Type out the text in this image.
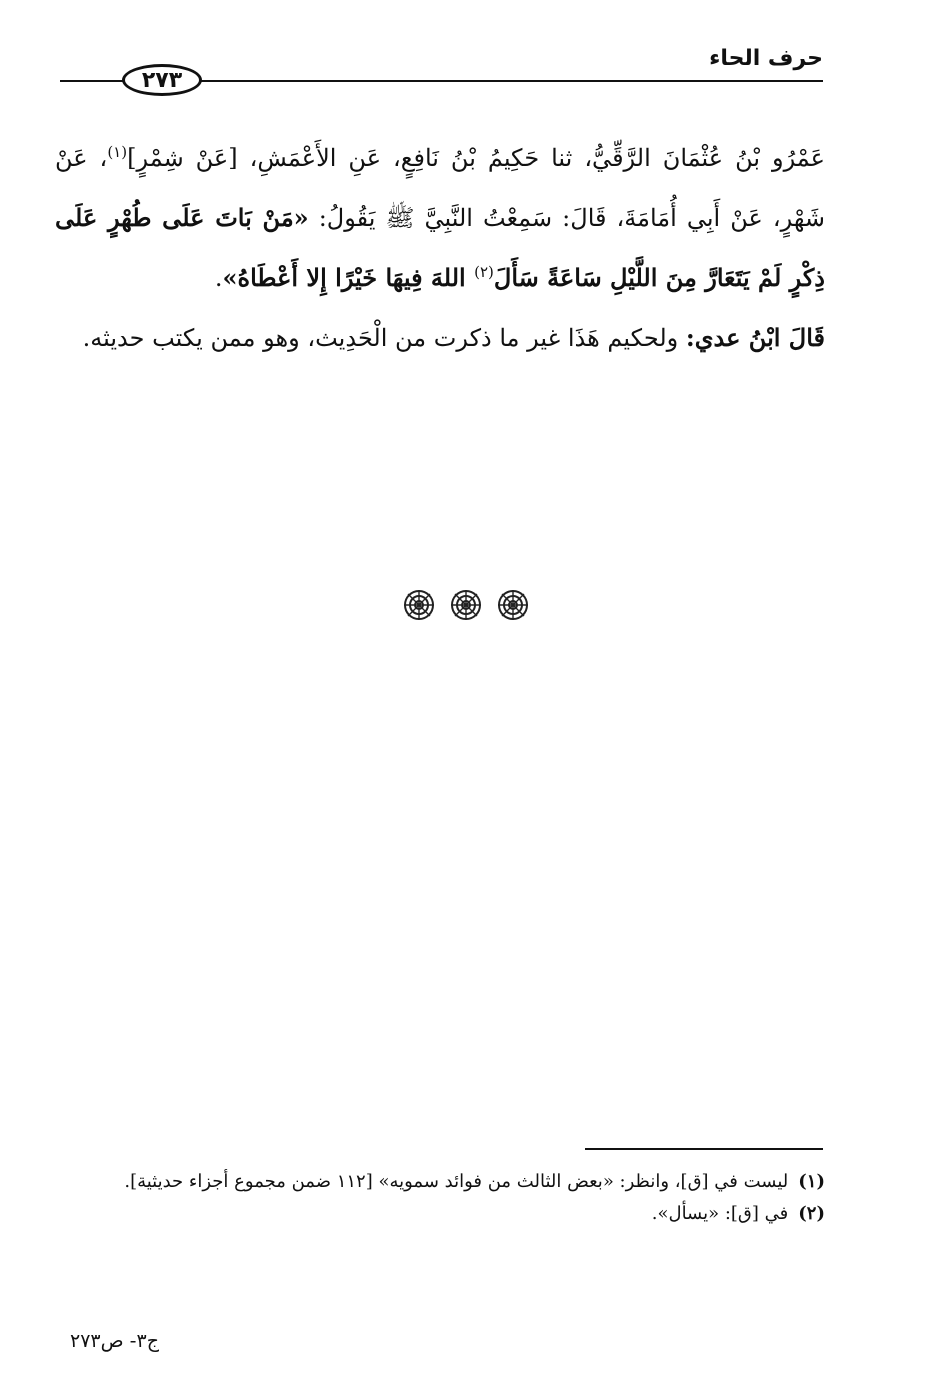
حرف الحاء
٢٧٣

عَمْرُو بْنُ عُثْمَانَ الرَّقِّيُّ، ثنا حَكِيمُ بْنُ نَافِعٍ، عَنِ الأَعْمَشِ، [عَنْ شِمْرٍ]$^{(١)}$، عَنْ شَهْرٍ، عَنْ أَبِي أُمَامَةَ، قَالَ: سَمِعْتُ النَّبِيَّ ﷺ يَقُولُ: «مَنْ بَاتَ عَلَى طُهْرٍ عَلَى ذِكْرٍ لَمْ يَتَعَارَّ مِنَ اللَّيْلِ سَاعَةً سَأَلَ$^{(٢)}$ اللهَ فِيهَا خَيْرًا إِلا أَعْطَاهُ».

قَالَ ابْنُ عدي: ولحكيم هَذَا غير ما ذكرت من الْحَدِيث، وهو ممن يكتب حديثه.

(١)ليست في [ق]، وانظر: «بعض الثالث من فوائد سمويه» [١١٢ ضمن مجموع أجزاء حديثية].

(٢)في [ق]: «يسأل».

ج٣- ص٢٧٣
